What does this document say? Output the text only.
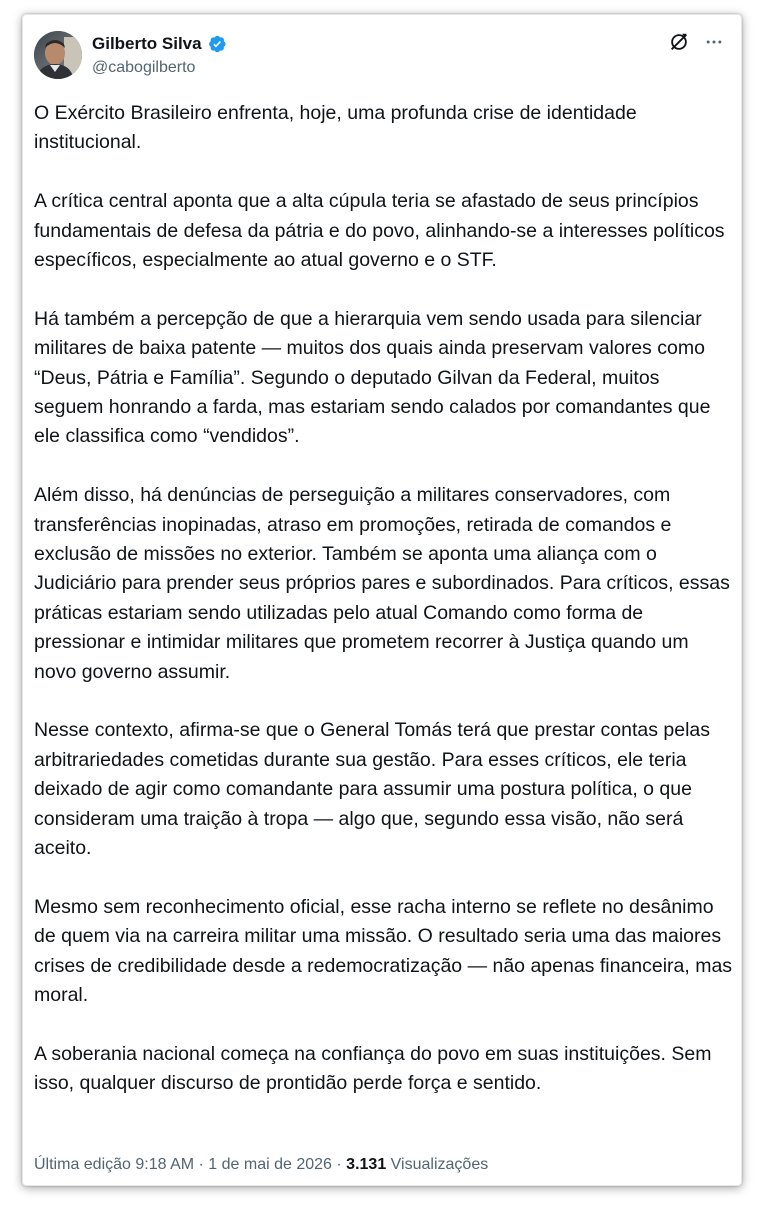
Gilberto Silva
@cabogilberto

O Exército Brasileiro enfrenta, hoje, uma profunda crise de identidade institucional.

A crítica central aponta que a alta cúpula teria se afastado de seus princípios fundamentais de defesa da pátria e do povo, alinhando-se a interesses políticos específicos, especialmente ao atual governo e o STF.

Há também a percepção de que a hierarquia vem sendo usada para silenciar militares de baixa patente — muitos dos quais ainda preservam valores como “Deus, Pátria e Família”. Segundo o deputado Gilvan da Federal, muitos seguem honrando a farda, mas estariam sendo calados por comandantes que ele classifica como “vendidos”.

Além disso, há denúncias de perseguição a militares conservadores, com transferências inopinadas, atraso em promoções, retirada de comandos e exclusão de missões no exterior. Também se aponta uma aliança com o Judiciário para prender seus próprios pares e subordinados. Para críticos, essas práticas estariam sendo utilizadas pelo atual Comando como forma de pressionar e intimidar militares que prometem recorrer à Justiça quando um novo governo assumir.

Nesse contexto, afirma-se que o General Tomás terá que prestar contas pelas arbitrariedades cometidas durante sua gestão. Para esses críticos, ele teria deixado de agir como comandante para assumir uma postura política, o que consideram uma traição à tropa — algo que, segundo essa visão, não será aceito.

Mesmo sem reconhecimento oficial, esse racha interno se reflete no desânimo de quem via na carreira militar uma missão. O resultado seria uma das maiores crises de credibilidade desde a redemocratização — não apenas financeira, mas moral.

A soberania nacional começa na confiança do povo em suas instituições. Sem isso, qualquer discurso de prontidão perde força e sentido.

Última edição 9:18 AM · 1 de mai de 2026 · 3.131 Visualizações
